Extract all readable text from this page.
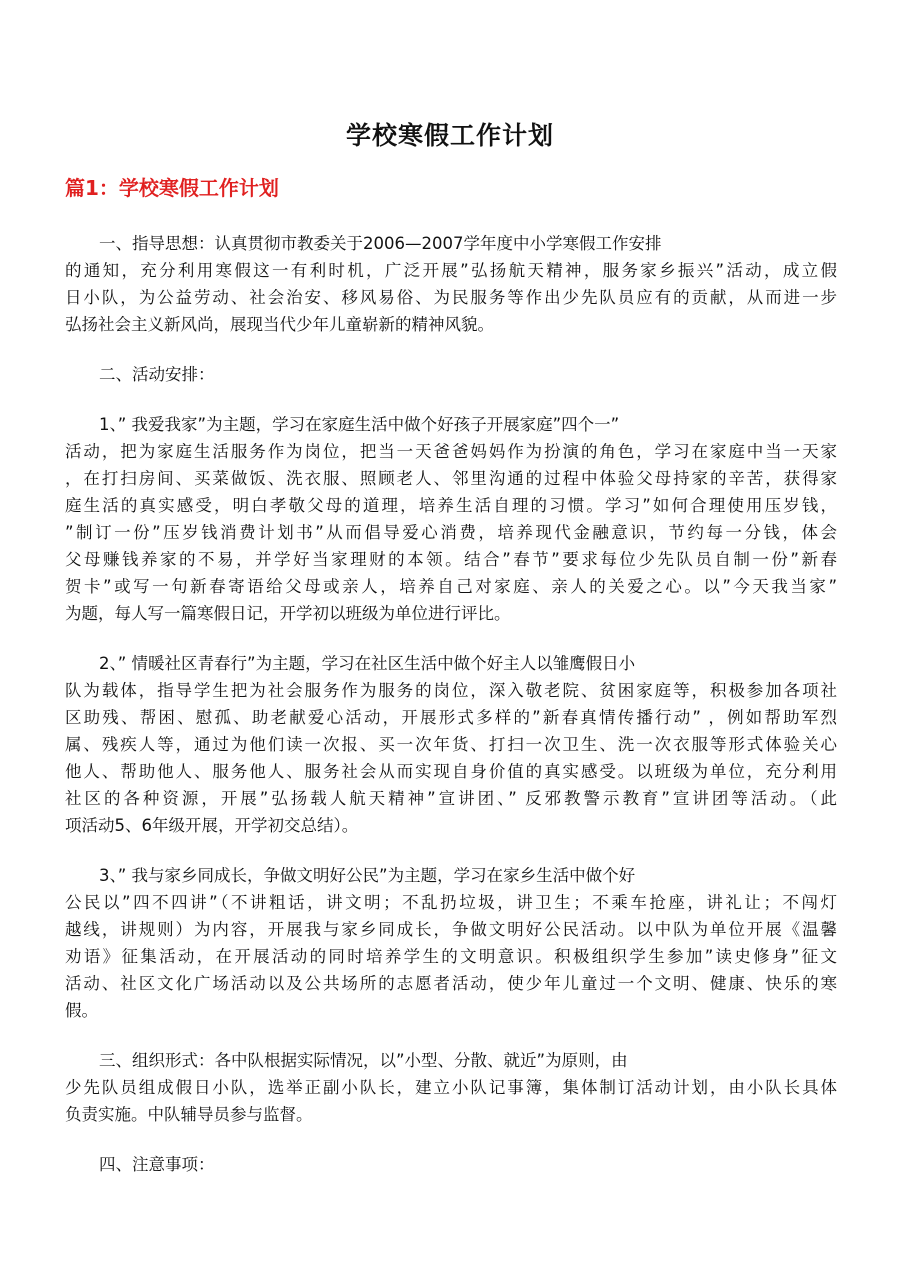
学校寒假工作计划
篇1：学校寒假工作计划
一、指导思想：认真贯彻市教委关于2006—2007学年度中小学寒假工作安排
的通知，充分利用寒假这一有利时机，广泛开展”弘扬航天精神，服务家乡振兴”活动，成立假
日小队，为公益劳动、社会治安、移风易俗、为民服务等作出少先队员应有的贡献，从而进一步
弘扬社会主义新风尚，展现当代少年儿童崭新的精神风貌。
二、活动安排：
1、” 我爱我家”为主题，学习在家庭生活中做个好孩子开展家庭”四个一”
活动，把为家庭生活服务作为岗位，把当一天爸爸妈妈作为扮演的角色，学习在家庭中当一天家
，在打扫房间、买菜做饭、洗衣服、照顾老人、邻里沟通的过程中体验父母持家的辛苦，获得家
庭生活的真实感受，明白孝敬父母的道理，培养生活自理的习惯。学习”如何合理使用压岁钱，
”制订一份”压岁钱消费计划书”从而倡导爱心消费，培养现代金融意识，节约每一分钱，体会
父母赚钱养家的不易，并学好当家理财的本领。结合”春节”要求每位少先队员自制一份”新春
贺卡”或写一句新春寄语给父母或亲人，培养自己对家庭、亲人的关爱之心。以”今天我当家”
为题，每人写一篇寒假日记，开学初以班级为单位进行评比。
2、” 情暖社区青春行”为主题，学习在社区生活中做个好主人以雏鹰假日小
队为载体，指导学生把为社会服务作为服务的岗位，深入敬老院、贫困家庭等，积极参加各项社
区助残、帮困、慰孤、助老献爱心活动，开展形式多样的”新春真情传播行动” ，例如帮助军烈
属、残疾人等，通过为他们读一次报、买一次年货、打扫一次卫生、洗一次衣服等形式体验关心
他人、帮助他人、服务他人、服务社会从而实现自身价值的真实感受。以班级为单位，充分利用
社区的各种资源，开展”弘扬载人航天精神”宣讲团、” 反邪教警示教育”宣讲团等活动。（此
项活动5、6年级开展，开学初交总结）。
3、” 我与家乡同成长，争做文明好公民”为主题，学习在家乡生活中做个好
公民以”四不四讲”（不讲粗话，讲文明；不乱扔垃圾，讲卫生；不乘车抢座，讲礼让；不闯灯
越线，讲规则）为内容，开展我与家乡同成长，争做文明好公民活动。以中队为单位开展《温馨
劝语》征集活动，在开展活动的同时培养学生的文明意识。积极组织学生参加”读史修身”征文
活动、社区文化广场活动以及公共场所的志愿者活动，使少年儿童过一个文明、健康、快乐的寒
假。
三、组织形式：各中队根据实际情况，以”小型、分散、就近”为原则，由
少先队员组成假日小队，选举正副小队长，建立小队记事簿，集体制订活动计划，由小队长具体
负责实施。中队辅导员参与监督。
四、注意事项：
